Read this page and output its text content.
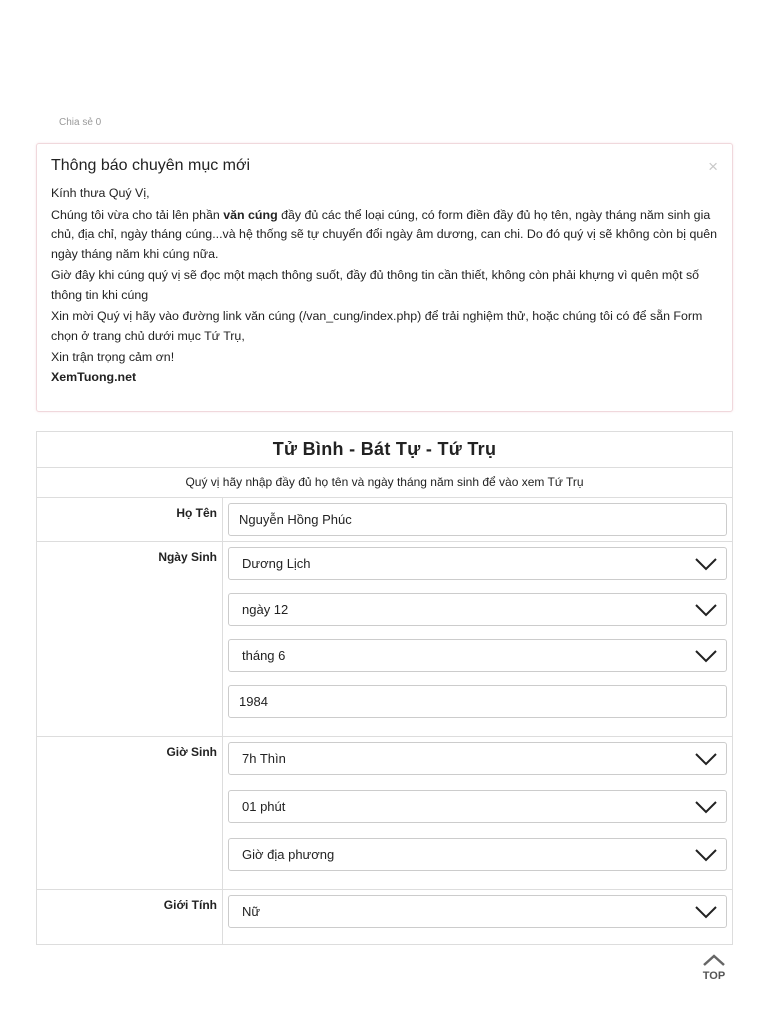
Chia sẻ 0
Thông báo chuyên mục mới	×

Kính thưa Quý Vị,

Chúng tôi vừa cho tải lên phần văn cúng đầy đủ các thể loại cúng, có form điền đầy đủ họ tên, ngày tháng năm sinh gia chủ, địa chỉ, ngày tháng cúng...và hệ thống sẽ tự chuyển đổi ngày âm dương, can chi. Do đó quý vị sẽ không còn bị quên ngày tháng năm khi cúng nữa.

Giờ đây khi cúng quý vị sẽ đọc một mạch thông suốt, đầy đủ thông tin cần thiết, không còn phải khựng vì quên một số thông tin khi cúng

Xin mời Quý vị hãy vào đường link văn cúng (/van_cung/index.php) để trải nghiệm thử, hoặc chúng tôi có để sẵn Form chọn ở trang chủ dưới mục Tứ Trụ,

Xin trận trọng cảm ơn!

XemTuong.net

Tử Bình - Bát Tự - Tứ Trụ
Quý vị hãy nhập đầy đủ họ tên và ngày tháng năm sinh để vào xem Tứ Trụ
Họ Tên	Nguyễn Hồng Phúc
Ngày Sinh	Dương Lịch
ngày 12
tháng 6
1984
Giờ Sinh	7h Thìn
01 phút
Giờ địa phương
Giới Tính	Nữ
TOP
